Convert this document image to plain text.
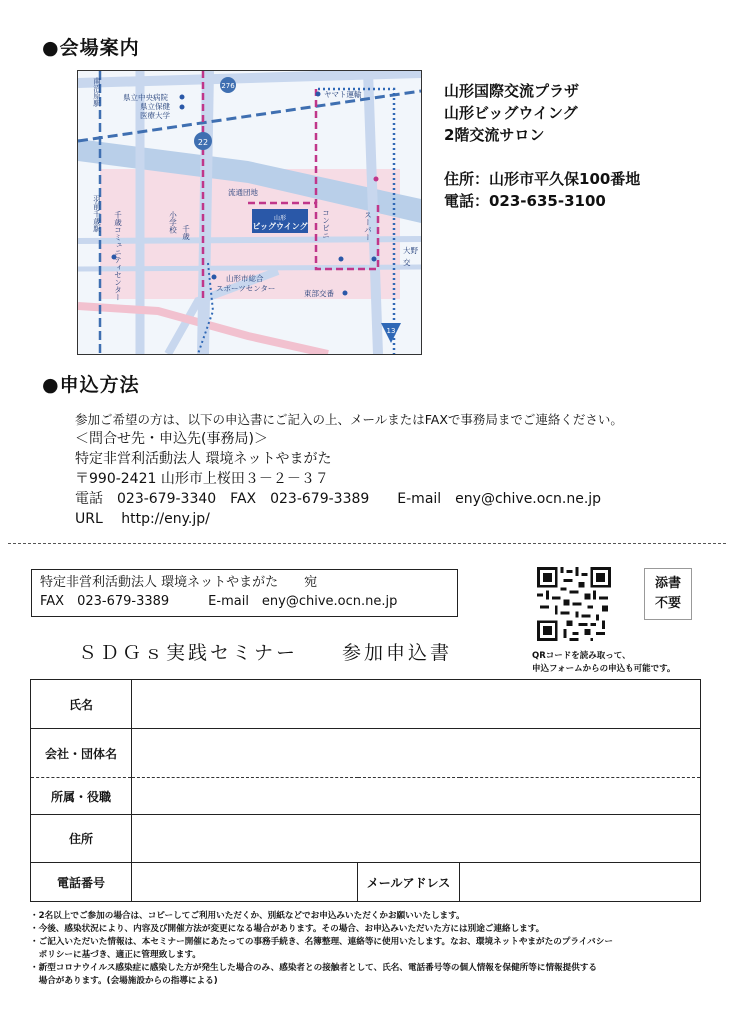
●会場案内
山形
ビッグウイング
276
22
13
県立中央病院
県立保健
医療大学
ヤマト運輸
流通団地
山形市総合
スポーツセンター
東部交番
大野
交
南沼原駅
羽前千歳駅	コンビニ	スーパー
千歳コミュニティセンター	小学校 千歳
山形国際交流プラザ
山形ビッグウイング
2階交流サロン
住所：山形市平久保100番地
電話：023-635-3100
●申込方法
参加ご希望の方は、以下の申込書にご記入の上、メールまたはFAXで事務局までご連絡ください。
＜問合せ先・申込先(事務局)＞
特定非営利活動法人 環境ネットやまがた
〒990-2421 山形市上桜田３－２－３７
電話　023-679-3340　FAX　023-679-3389　　E-mail　eny@chive.ocn.ne.jp
URL　 http://eny.jp/
特定非営利活動法人 環境ネットやまがた　　宛
FAX　023-679-3389　　　E-mail　eny@chive.ocn.ne.jp
添書
不要
QRコードを読み取って、
申込フォームからの申込も可能です。
ＳＤＧｓ実践セミナー　　参加申込書
氏名			
会社・団体名			
所属・役職			
住所			
電話番号		メールアドレス	
・2名以上でご参加の場合は、コピーしてご利用いただくか、別紙などでお申込みいただくかお願いいたします。
・今後、感染状況により、内容及び開催方法が変更になる場合があります。その場合、お申込みいただいた方には別途ご連絡します。
・ご記入いただいた情報は、本セミナー開催にあたっての事務手続き、名簿整理、連絡等に使用いたします。なお、環境ネットやまがたのプライバシー
　ポリシーに基づき、適正に管理致します。
・新型コロナウイルス感染症に感染した方が発生した場合のみ、感染者との接触者として、氏名、電話番号等の個人情報を保健所等に情報提供する
　場合があります。(会場施設からの指導による)
